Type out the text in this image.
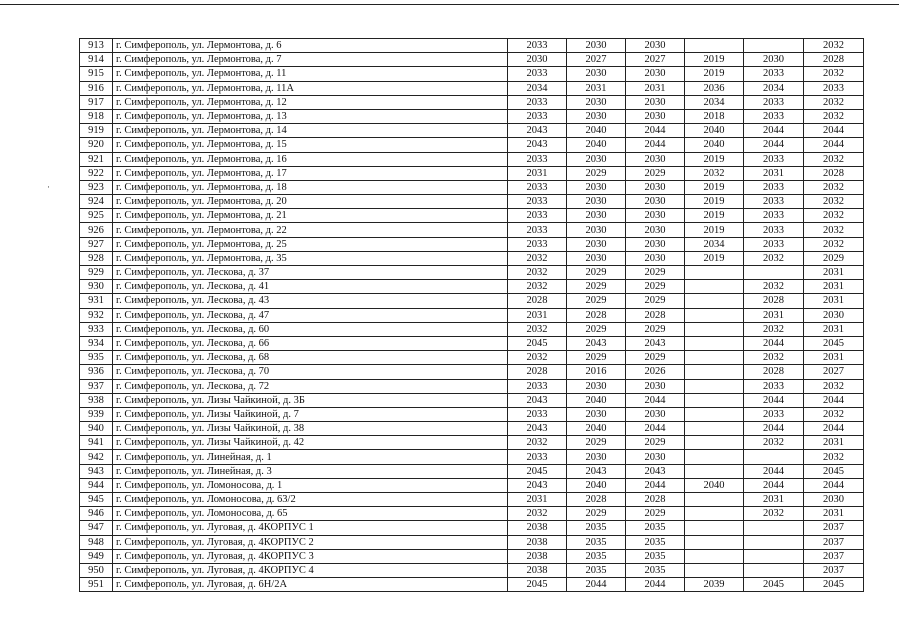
·
913	г. Симферополь, ул. Лермонтова, д. 6	2033	2030	2030			2032
914	г. Симферополь, ул. Лермонтова, д. 7	2030	2027	2027	2019	2030	2028
915	г. Симферополь, ул. Лермонтова, д. 11	2033	2030	2030	2019	2033	2032
916	г. Симферополь, ул. Лермонтова, д. 11А	2034	2031	2031	2036	2034	2033
917	г. Симферополь, ул. Лермонтова, д. 12	2033	2030	2030	2034	2033	2032
918	г. Симферополь, ул. Лермонтова, д. 13	2033	2030	2030	2018	2033	2032
919	г. Симферополь, ул. Лермонтова, д. 14	2043	2040	2044	2040	2044	2044
920	г. Симферополь, ул. Лермонтова, д. 15	2043	2040	2044	2040	2044	2044
921	г. Симферополь, ул. Лермонтова, д. 16	2033	2030	2030	2019	2033	2032
922	г. Симферополь, ул. Лермонтова, д. 17	2031	2029	2029	2032	2031	2028
923	г. Симферополь, ул. Лермонтова, д. 18	2033	2030	2030	2019	2033	2032
924	г. Симферополь, ул. Лермонтова, д. 20	2033	2030	2030	2019	2033	2032
925	г. Симферополь, ул. Лермонтова, д. 21	2033	2030	2030	2019	2033	2032
926	г. Симферополь, ул. Лермонтова, д. 22	2033	2030	2030	2019	2033	2032
927	г. Симферополь, ул. Лермонтова, д. 25	2033	2030	2030	2034	2033	2032
928	г. Симферополь, ул. Лермонтова, д. 35	2032	2030	2030	2019	2032	2029
929	г. Симферополь, ул. Лескова, д. 37	2032	2029	2029			2031
930	г. Симферополь, ул. Лескова, д. 41	2032	2029	2029		2032	2031
931	г. Симферополь, ул. Лескова, д. 43	2028	2029	2029		2028	2031
932	г. Симферополь, ул. Лескова, д. 47	2031	2028	2028		2031	2030
933	г. Симферополь, ул. Лескова, д. 60	2032	2029	2029		2032	2031
934	г. Симферополь, ул. Лескова, д. 66	2045	2043	2043		2044	2045
935	г. Симферополь, ул. Лескова, д. 68	2032	2029	2029		2032	2031
936	г. Симферополь, ул. Лескова, д. 70	2028	2016	2026		2028	2027
937	г. Симферополь, ул. Лескова, д. 72	2033	2030	2030		2033	2032
938	г. Симферополь, ул. Лизы Чайкиной, д. 3Б	2043	2040	2044		2044	2044
939	г. Симферополь, ул. Лизы Чайкиной, д. 7	2033	2030	2030		2033	2032
940	г. Симферополь, ул. Лизы Чайкиной, д. 38	2043	2040	2044		2044	2044
941	г. Симферополь, ул. Лизы Чайкиной, д. 42	2032	2029	2029		2032	2031
942	г. Симферополь, ул. Линейная, д. 1	2033	2030	2030			2032
943	г. Симферополь, ул. Линейная, д. 3	2045	2043	2043		2044	2045
944	г. Симферополь, ул. Ломоносова, д. 1	2043	2040	2044	2040	2044	2044
945	г. Симферополь, ул. Ломоносова, д. 63/2	2031	2028	2028		2031	2030
946	г. Симферополь, ул. Ломоносова, д. 65	2032	2029	2029		2032	2031
947	г. Симферополь, ул. Луговая, д. 4КОРПУС 1	2038	2035	2035			2037
948	г. Симферополь, ул. Луговая, д. 4КОРПУС 2	2038	2035	2035			2037
949	г. Симферополь, ул. Луговая, д. 4КОРПУС 3	2038	2035	2035			2037
950	г. Симферополь, ул. Луговая, д. 4КОРПУС 4	2038	2035	2035			2037
951	г. Симферополь, ул. Луговая, д. 6Н/2А	2045	2044	2044	2039	2045	2045
